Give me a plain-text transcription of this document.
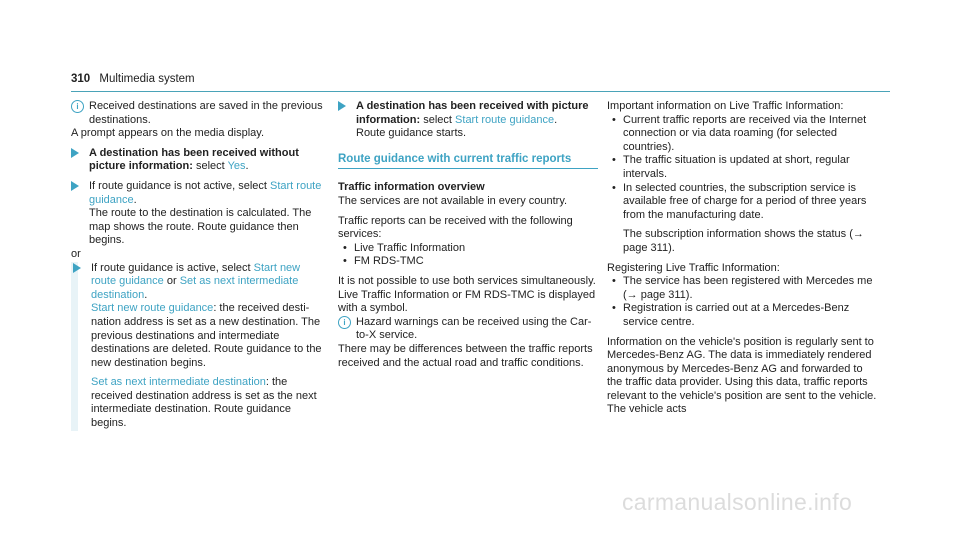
310 Multimedia system

i Received destinations are saved in the previous destinations.

A prompt appears on the media display.

A destination has been received without picture information: select Yes.

If route guidance is not active, select Start route guidance.
The route to the destination is calculated. The map shows the route. Route guidance then begins.

or

If route guidance is active, select Start new route guidance or Set as next intermediate destination.
Start new route guidance: the received destination address is set as a new destination. The previous destinations and intermediate destinations are deleted. Route guidance to the new destination begins.

Set as next intermediate destination: the received destination address is set as the next intermediate destination. Route guidance begins.

A destination has been received with picture information: select Start route guidance.
Route guidance starts.

Route guidance with current traffic reports
Traffic information overview

The services are not available in every country.

Traffic reports can be received with the following services:

• Live Traffic Information

• FM RDS-TMC

It is not possible to use both services simultaneously.

Live Traffic Information or FM RDS-TMC is displayed with a symbol.

i Hazard warnings can be received using the Car-to-X service.

There may be differences between the traffic reports received and the actual road and traffic conditions.

Important information on Live Traffic Information:

• Current traffic reports are received via the Internet connection or via data roaming (for selected countries).

• The traffic situation is updated at short, regular intervals.

• In selected countries, the subscription service is available free of charge for a period of three years from the manufacturing date.

The subscription information shows the status (→ page 311).

Registering Live Traffic Information:

• The service has been registered with Mercedes me (→ page 311).

• Registration is carried out at a Mercedes-Benz service centre.

Information on the vehicle's position is regularly sent to Mercedes-Benz AG. The data is immediately rendered anonymous by Mercedes-Benz AG and forwarded to the traffic data provider. Using this data, traffic reports relevant to the vehicle's position are sent to the vehicle. The vehicle acts

carmanualsonline.info
